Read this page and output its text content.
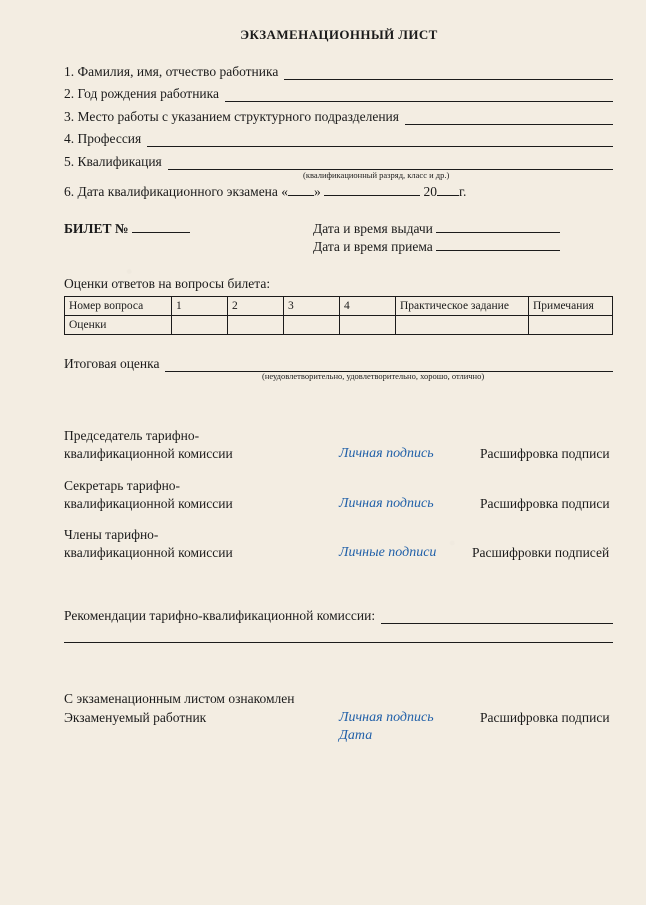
ЭКЗАМЕНАЦИОННЫЙ ЛИСТ
1. Фамилия, имя, отчество работника
2. Год рождения работника
3. Место работы с указанием структурного подразделения
4. Профессия
5. Квалификация
(квалификационный разряд, класс и др.)
6. Дата квалификационного экзамена « »	20 г.
БИЛЕТ №	Дата и время выдачи
Дата и время приема
Оценки ответов на вопросы билета:
Номер вопроса	1	2	3	4	Практическое задание	Примечания
Оценки						
Итоговая оценка
(неудовлетворительно, удовлетворительно, хорошо, отлично)
Председатель тарифно-
квалификационной комиссии	Личная подпись	Расшифровка подписи
Секретарь тарифно-
квалификационной комиссии	Личная подпись	Расшифровка подписи
Члены тарифно-
квалификационной комиссии	Личные подписи	Расшифровки подписей
Рекомендации тарифно-квалификационной комиссии:
С экзаменационным листом ознакомлен
Экзаменуемый работник	Личная подпись	Расшифровка подписи
Дата
